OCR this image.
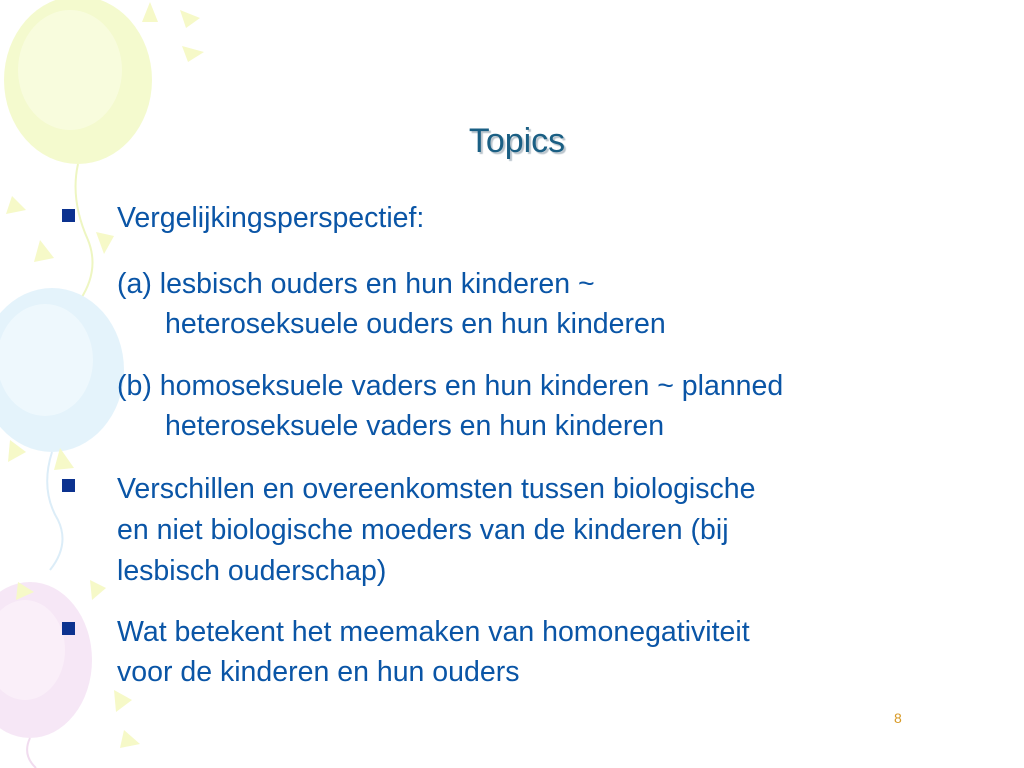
Topics
Vergelijkingsperspectief:
(a) lesbisch ouders en hun kinderen ~
heteroseksuele ouders en hun kinderen
(b) homoseksuele vaders en hun kinderen ~ planned
heteroseksuele vaders en hun kinderen
Verschillen en overeenkomsten tussen biologische
en niet biologische moeders van de kinderen (bij
lesbisch ouderschap)
Wat betekent het meemaken van homonegativiteit
voor de kinderen en hun ouders
8
